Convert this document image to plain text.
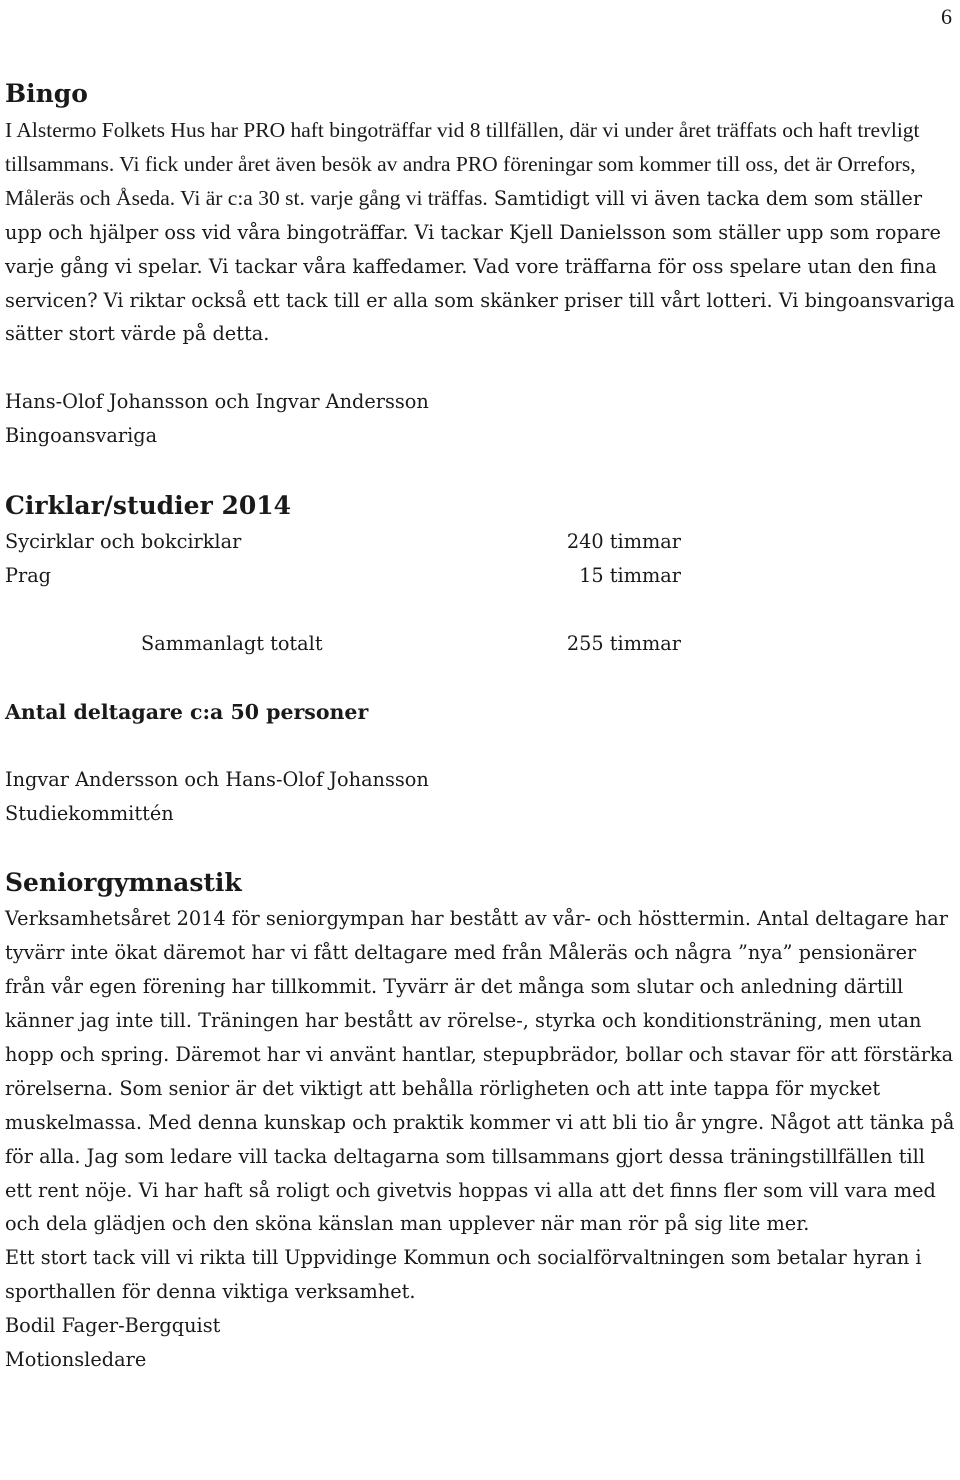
6
Bingo

I Alstermo Folkets Hus har PRO haft bingoträffar vid 8 tillfällen, där vi under året träffats och haft trevligt tillsammans. Vi fick under året även besök av andra PRO föreningar som kommer till oss, det är Orrefors, Måleräs och Åseda. Vi är c:a 30 st. varje gång vi träffas. Samtidigt vill vi även tacka dem som ställer upp och hjälper oss vid våra bingoträffar. Vi tackar Kjell Danielsson som ställer upp som ropare varje gång vi spelar. Vi tackar våra kaffedamer. Vad vore träffarna för oss spelare utan den fina servicen? Vi riktar också ett tack till er alla som skänker priser till vårt lotteri. Vi bingoansvariga sätter stort värde på detta.

Hans-Olof Johansson och Ingvar Andersson

Bingoansvariga

Cirklar/studier 2014
Sycirklar och bokcirklar	240 timmar
Prag	15 timmar
Sammanlagt totalt	255 timmar

Antal deltagare c:a 50 personer

Ingvar Andersson och Hans-Olof Johansson

Studiekommittén

Seniorgymnastik

Verksamhetsåret 2014 för seniorgympan har bestått av vår- och hösttermin. Antal deltagare har tyvärr inte ökat däremot har vi fått deltagare med från Måleräs och några ”nya” pensionärer från vår egen förening har tillkommit. Tyvärr är det många som slutar och anledning därtill känner jag inte till. Träningen har bestått av rörelse-, styrka och konditionsträning, men utan hopp och spring. Däremot har vi använt hantlar, stepupbrädor, bollar och stavar för att förstärka rörelserna. Som senior är det viktigt att behålla rörligheten och att inte tappa för mycket muskelmassa. Med denna kunskap och praktik kommer vi att bli tio år yngre. Något att tänka på för alla. Jag som ledare vill tacka deltagarna som tillsammans gjort dessa träningstillfällen till ett rent nöje. Vi har haft så roligt och givetvis hoppas vi alla att det finns fler som vill vara med och dela glädjen och den sköna känslan man upplever när man rör på sig lite mer.

Ett stort tack vill vi rikta till Uppvidinge Kommun och socialförvaltningen som betalar hyran i sporthallen för denna viktiga verksamhet.

Bodil Fager-Bergquist

Motionsledare
